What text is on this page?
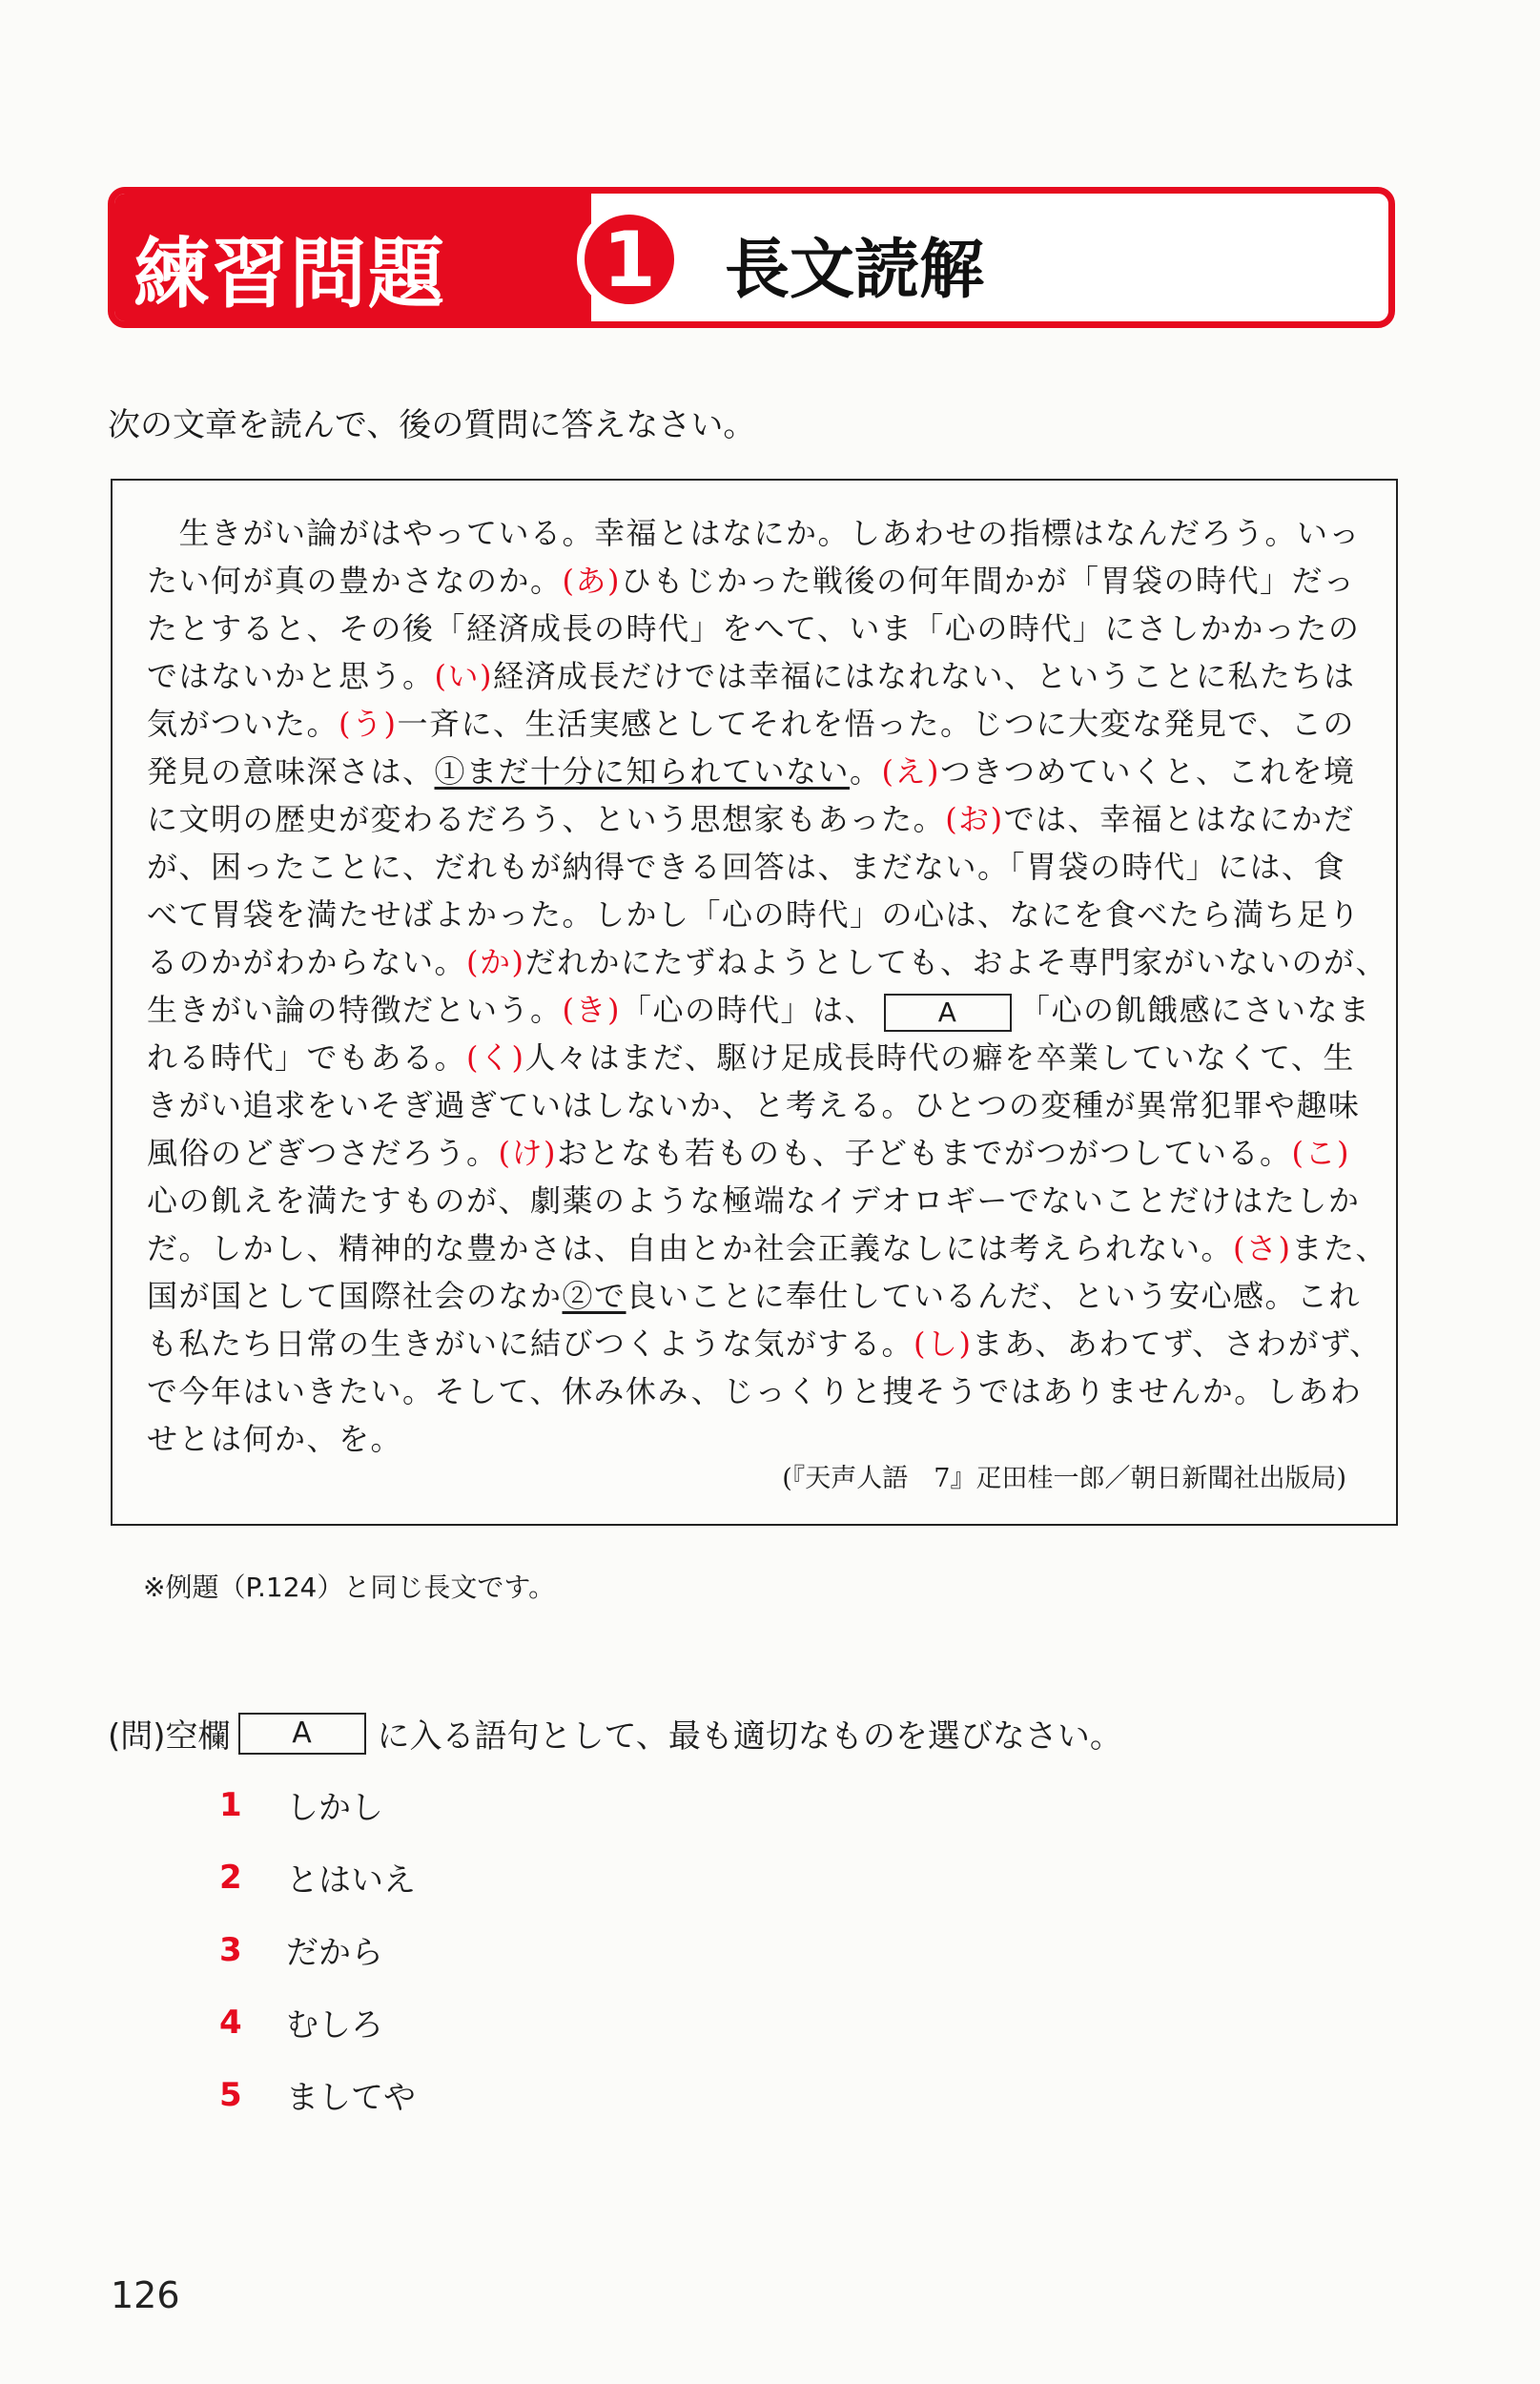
練習問題	1	長文読解
次の文章を読んで、後の質問に答えなさい。
　生きがい論がはやっている。幸福とはなにか。しあわせの指標はなんだろう。いっ
たい何が真の豊かさなのか。(あ)ひもじかった戦後の何年間かが「胃袋の時代」だっ
たとすると、その後「経済成長の時代」をへて、いま「心の時代」にさしかかったの
ではないかと思う。(い)経済成長だけでは幸福にはなれない、ということに私たちは
気がついた。(う)一斉に、生活実感としてそれを悟った。じつに大変な発見で、この
発見の意味深さは、①まだ十分に知られていない。(え)つきつめていくと、これを境
に文明の歴史が変わるだろう、という思想家もあった。(お)では、幸福とはなにかだ
が、困ったことに、だれもが納得できる回答は、まだない。「胃袋の時代」には、食
べて胃袋を満たせばよかった。しかし「心の時代」の心は、なにを食べたら満ち足り
るのかがわからない。(か)だれかにたずねようとしても、およそ専門家がいないのが、
生きがい論の特徴だという。(き)「心の時代」は、 A 「心の飢餓感にさいなま
れる時代」でもある。(く)人々はまだ、駆け足成長時代の癖を卒業していなくて、生
きがい追求をいそぎ過ぎていはしないか、と考える。ひとつの変種が異常犯罪や趣味
風俗のどぎつさだろう。(け)おとなも若ものも、子どもまでがつがつしている。(こ)
心の飢えを満たすものが、劇薬のような極端なイデオロギーでないことだけはたしか
だ。しかし、精神的な豊かさは、自由とか社会正義なしには考えられない。(さ)また、
国が国として国際社会のなか②で良いことに奉仕しているんだ、という安心感。これ
も私たち日常の生きがいに結びつくような気がする。(し)まあ、あわてず、さわがず、
で今年はいきたい。そして、休み休み、じっくりと捜そうではありませんか。しあわ
せとは何か、を。
(『天声人語　7』疋田桂一郎／朝日新聞社出版局)
※例題（P.124）と同じ長文です。
(問)空欄	A	に入る語句として、最も適切なものを選びなさい。
1	しかし
2	とはいえ
3	だから
4	むしろ
5	ましてや
126
